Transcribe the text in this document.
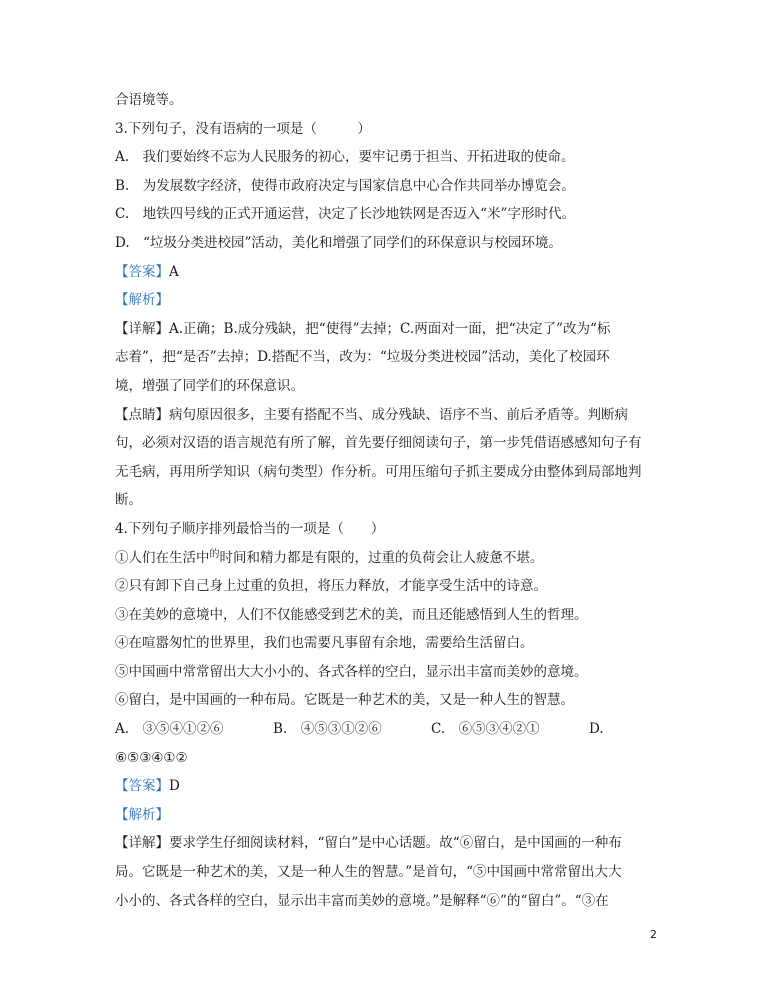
合语境等。
3.下列句子，没有语病的一项是（　　　）
A.　我们要始终不忘为人民服务的初心，要牢记勇于担当、开拓进取的使命。
B.　为发展数字经济，使得市政府决定与国家信息中心合作共同举办博览会。
C.　地铁四号线的正式开通运营，决定了长沙地铁网是否迈入“米”字形时代。
D.　“垃圾分类进校园”活动，美化和增强了同学们的环保意识与校园环境。
【答案】A
【解析】
【详解】A.正确；B.成分残缺，把“使得”去掉；C.两面对一面，把“决定了”改为“标
志着”，把“是否”去掉；D.搭配不当，改为：“垃圾分类进校园”活动，美化了校园环
境，增强了同学们的环保意识。
【点睛】病句原因很多，主要有搭配不当、成分残缺、语序不当、前后矛盾等。判断病
句，必须对汉语的语言规范有所了解，首先要仔细阅读句子，第一步凭借语感感知句子有
无毛病，再用所学知识（病句类型）作分析。可用压缩句子抓主要成分由整体到局部地判
断。
4.下列句子顺序排列最恰当的一项是（　　）
①人们在生活中$^的$时间和精力都是有限的，过重的负荷会让人疲惫不堪。
②只有卸下自己身上过重的负担，将压力释放，才能享受生活中的诗意。
③在美妙的意境中，人们不仅能感受到艺术的美，而且还能感悟到人生的哲理。
④在喧嚣匆忙的世界里，我们也需要凡事留有余地，需要给生活留白。
⑤中国画中常常留出大大小小的、各式各样的空白，显示出丰富而美妙的意境。
⑥留白，是中国画的一种布局。它既是一种艺术的美，又是一种人生的智慧。
A.　③⑤④①②⑥	B.　④⑤③①②⑥	C.　⑥⑤③④②①	D.
⑥⑤③④①②
【答案】D
【解析】
【详解】要求学生仔细阅读材料，“留白”是中心话题。故“⑥留白，是中国画的一种布
局。它既是一种艺术的美，又是一种人生的智慧。”是首句，“⑤中国画中常常留出大大
小小的、各式各样的空白，显示出丰富而美妙的意境。”是解释“⑥”的“留白”。“③在
2
